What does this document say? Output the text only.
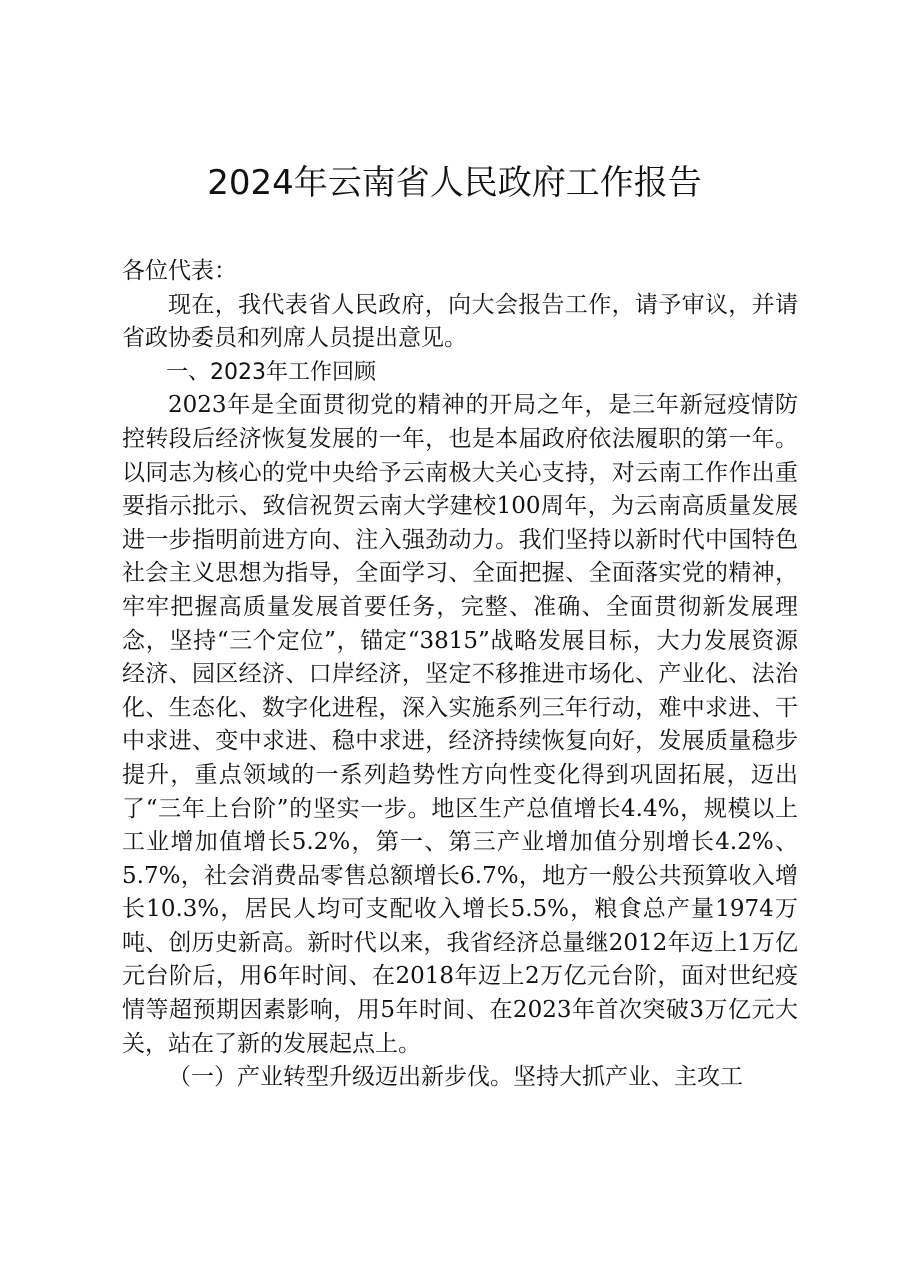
2024年云南省人民政府工作报告

各位代表：

现在，我代表省人民政府，向大会报告工作，请予审议，并请省政协委员和列席人员提出意见。

一、2023年工作回顾

2023年是全面贯彻党的精神的开局之年，是三年新冠疫情防控转段后经济恢复发展的一年，也是本届政府依法履职的第一年。以同志为核心的党中央给予云南极大关心支持，对云南工作作出重要指示批示、致信祝贺云南大学建校100周年，为云南高质量发展进一步指明前进方向、注入强劲动力。我们坚持以新时代中国特色社会主义思想为指导，全面学习、全面把握、全面落实党的精神，牢牢把握高质量发展首要任务，完整、准确、全面贯彻新发展理念，坚持“三个定位”，锚定“3815”战略发展目标，大力发展资源经济、园区经济、口岸经济，坚定不移推进市场化、产业化、法治化、生态化、数字化进程，深入实施系列三年行动，难中求进、干中求进、变中求进、稳中求进，经济持续恢复向好，发展质量稳步提升，重点领域的一系列趋势性方向性变化得到巩固拓展，迈出了“三年上台阶”的坚实一步。地区生产总值增长4.4%，规模以上工业增加值增长5.2%，第一、第三产业增加值分别增长4.2%、5.7%，社会消费品零售总额增长6.7%，地方一般公共预算收入增长10.3%，居民人均可支配收入增长5.5%，粮食总产量1974万吨、创历史新高。新时代以来，我省经济总量继2012年迈上1万亿元台阶后，用6年时间、在2018年迈上2万亿元台阶，面对世纪疫情等超预期因素影响，用5年时间、在2023年首次突破3万亿元大关，站在了新的发展起点上。

（一）产业转型升级迈出新步伐。坚持大抓产业、主攻工
